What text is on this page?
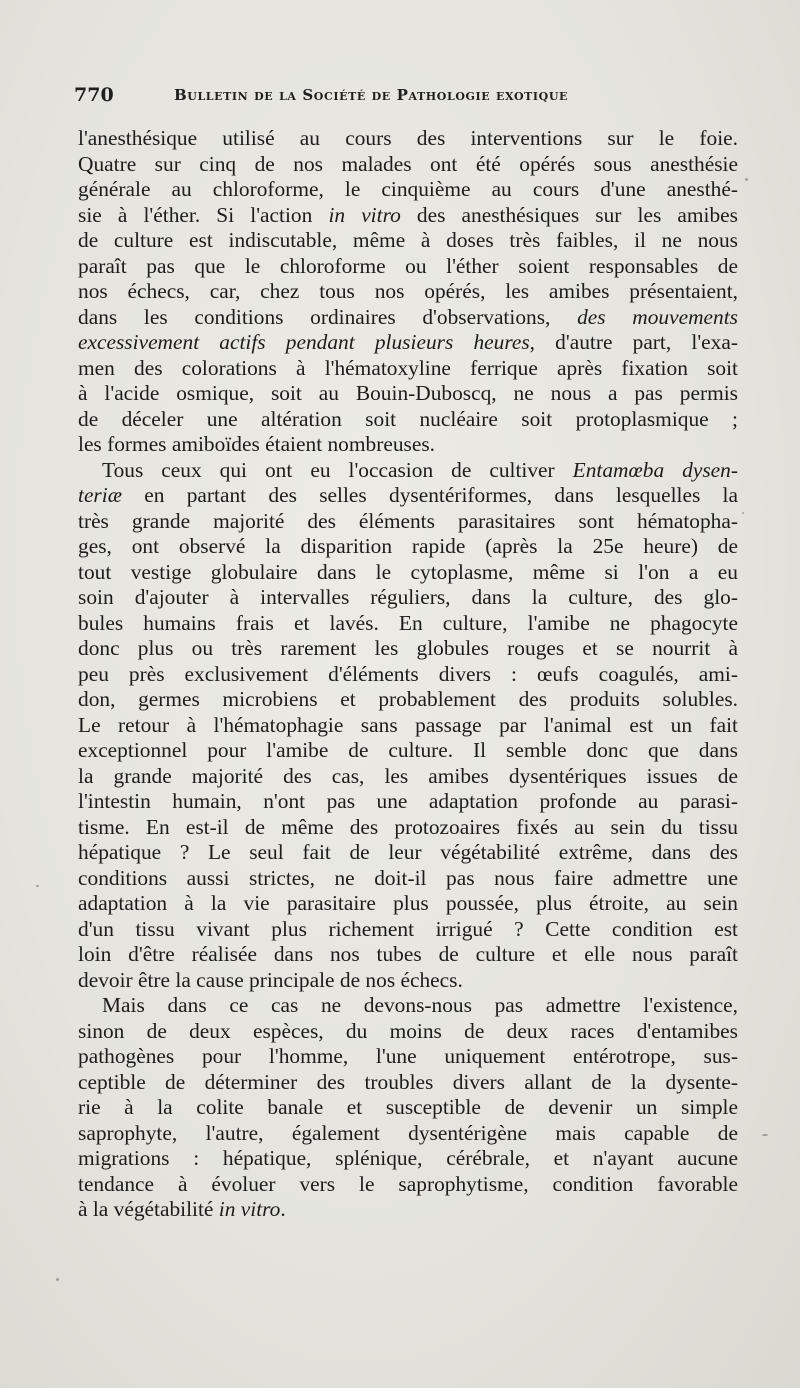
770	Bulletin de la Société de Pathologie exotique
l'anesthésique utilisé au cours des interventions sur le foie.
Quatre sur cinq de nos malades ont été opérés sous anesthésie
générale au chloroforme, le cinquième au cours d'une anesthé-
sie à l'éther. Si l'action in vitro des anesthésiques sur les amibes
de culture est indiscutable, même à doses très faibles, il ne nous
paraît pas que le chloroforme ou l'éther soient responsables de
nos échecs, car, chez tous nos opérés, les amibes présentaient,
dans les conditions ordinaires d'observations, des mouvements
excessivement actifs pendant plusieurs heures, d'autre part, l'exa-
men des colorations à l'hématoxyline ferrique après fixation soit
à l'acide osmique, soit au Bouin-Duboscq, ne nous a pas permis
de déceler une altération soit nucléaire soit protoplasmique ;
les formes amiboïdes étaient nombreuses.
Tous ceux qui ont eu l'occasion de cultiver Entamœba dysen-
teriæ en partant des selles dysentériformes, dans lesquelles la
très grande majorité des éléments parasitaires sont hématopha-
ges, ont observé la disparition rapide (après la 25e heure) de
tout vestige globulaire dans le cytoplasme, même si l'on a eu
soin d'ajouter à intervalles réguliers, dans la culture, des glo-
bules humains frais et lavés. En culture, l'amibe ne phagocyte
donc plus ou très rarement les globules rouges et se nourrit à
peu près exclusivement d'éléments divers : œufs coagulés, ami-
don, germes microbiens et probablement des produits solubles.
Le retour à l'hématophagie sans passage par l'animal est un fait
exceptionnel pour l'amibe de culture. Il semble donc que dans
la grande majorité des cas, les amibes dysentériques issues de
l'intestin humain, n'ont pas une adaptation profonde au parasi-
tisme. En est-il de même des protozoaires fixés au sein du tissu
hépatique ? Le seul fait de leur végétabilité extrême, dans des
conditions aussi strictes, ne doit-il pas nous faire admettre une
adaptation à la vie parasitaire plus poussée, plus étroite, au sein
d'un tissu vivant plus richement irrigué ? Cette condition est
loin d'être réalisée dans nos tubes de culture et elle nous paraît
devoir être la cause principale de nos échecs.
Mais dans ce cas ne devons-nous pas admettre l'existence,
sinon de deux espèces, du moins de deux races d'entamibes
pathogènes pour l'homme, l'une uniquement entérotrope, sus-
ceptible de déterminer des troubles divers allant de la dysente-
rie à la colite banale et susceptible de devenir un simple
saprophyte, l'autre, également dysentérigène mais capable de
migrations : hépatique, splénique, cérébrale, et n'ayant aucune
tendance à évoluer vers le saprophytisme, condition favorable
à la végétabilité in vitro.
